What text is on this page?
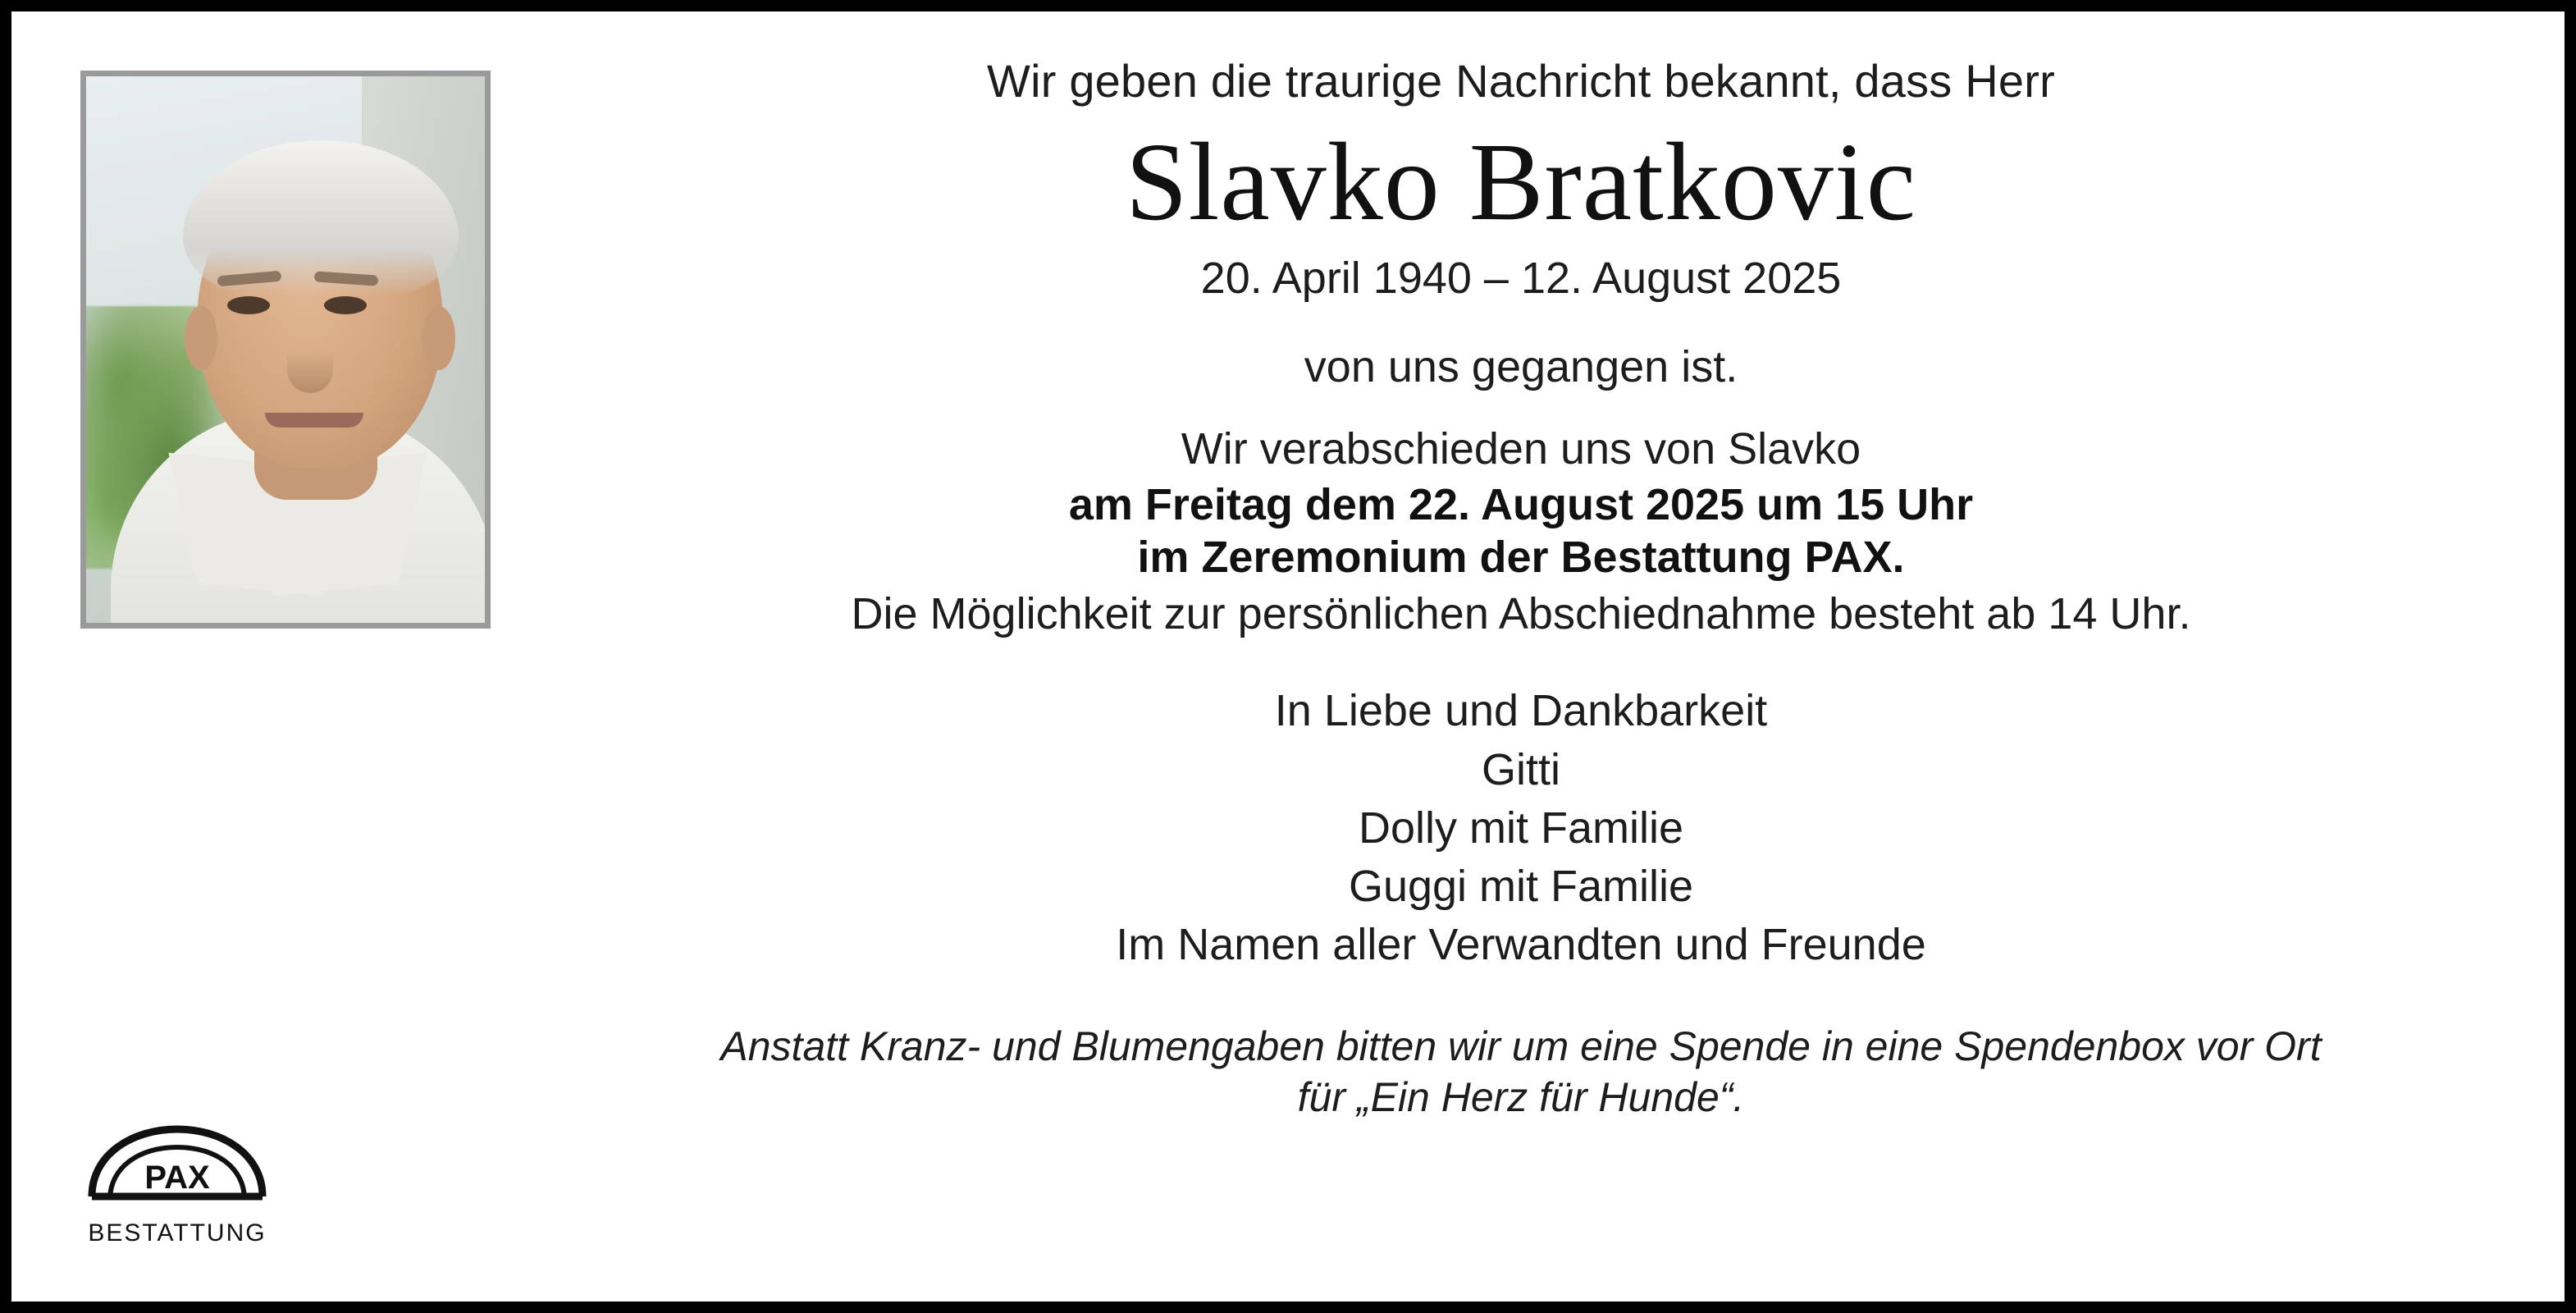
Wir geben die traurige Nachricht bekannt, dass Herr
Slavko Bratkovic
20. April 1940 – 12. August 2025
von uns gegangen ist.
Wir verabschieden uns von Slavko
am Freitag dem 22. August 2025 um 15 Uhr
im Zeremonium der Bestattung PAX.
Die Möglichkeit zur persönlichen Abschiednahme besteht ab 14 Uhr.
In Liebe und Dankbarkeit
Gitti
Dolly mit Familie
Guggi mit Familie
Im Namen aller Verwandten und Freunde
Anstatt Kranz- und Blumengaben bitten wir um eine Spende in eine Spendenbox vor Ort
für „Ein Herz für Hunde“.
PAX
BESTATTUNG
